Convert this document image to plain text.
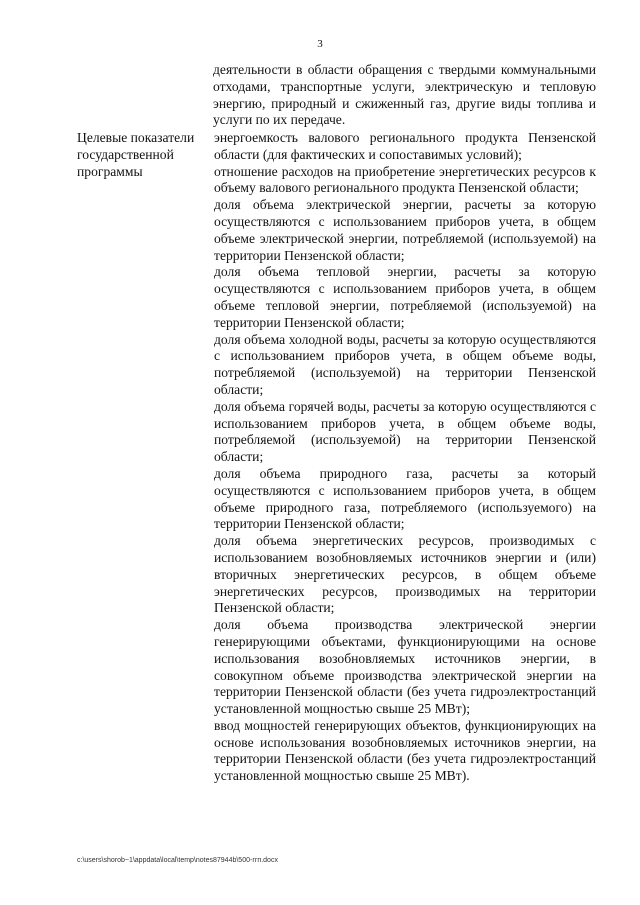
3

деятельности в области обращения с твердыми коммунальными отходами, транспортные услуги, электрическую и тепловую энергию, природный и сжиженный газ, другие виды топлива и услуги по их передаче.

Целевые показатели государственной программы

энергоемкость валового регионального продукта Пензенской области (для фактических и сопоставимых условий);

отношение расходов на приобретение энергетических ресурсов к объему валового регионального продукта Пензенской области;

доля объема электрической энергии, расчеты за которую осуществляются с использованием приборов учета, в общем объеме электрической энергии, потребляемой (используемой) на территории Пензенской области;

доля объема тепловой энергии, расчеты за которую осуществляются с использованием приборов учета, в общем объеме тепловой энергии, потребляемой (используемой) на территории Пензенской области;

доля объема холодной воды, расчеты за которую осуществляются с использованием приборов учета, в общем объеме воды, потребляемой (используемой) на территории Пензенской области;

доля объема горячей воды, расчеты за которую осуществляются с использованием приборов учета, в общем объеме воды, потребляемой (используемой) на территории Пензенской области;

доля объема природного газа, расчеты за который осуществляются с использованием приборов учета, в общем объеме природного газа, потребляемого (используемого) на территории Пензенской области;

доля объема энергетических ресурсов, производимых с использованием возобновляемых источников энергии и (или) вторичных энергетических ресурсов, в общем объеме энергетических ресурсов, производимых на территории Пензенской области;

доля объема производства электрической энергии генерирующими объектами, функционирующими на основе использования возобновляемых источников энергии, в совокупном объеме производства электрической энергии на территории Пензенской области (без учета гидроэлектростанций установленной мощностью свыше 25 МВт);

ввод мощностей генерирующих объектов, функционирующих на основе использования возобновляемых источников энергии, на территории Пензенской области (без учета гидроэлектростанций установленной мощностью свыше 25 МВт).

c:\users\shorob~1\appdata\local\temp\notes87944b\500-ггп.docx
